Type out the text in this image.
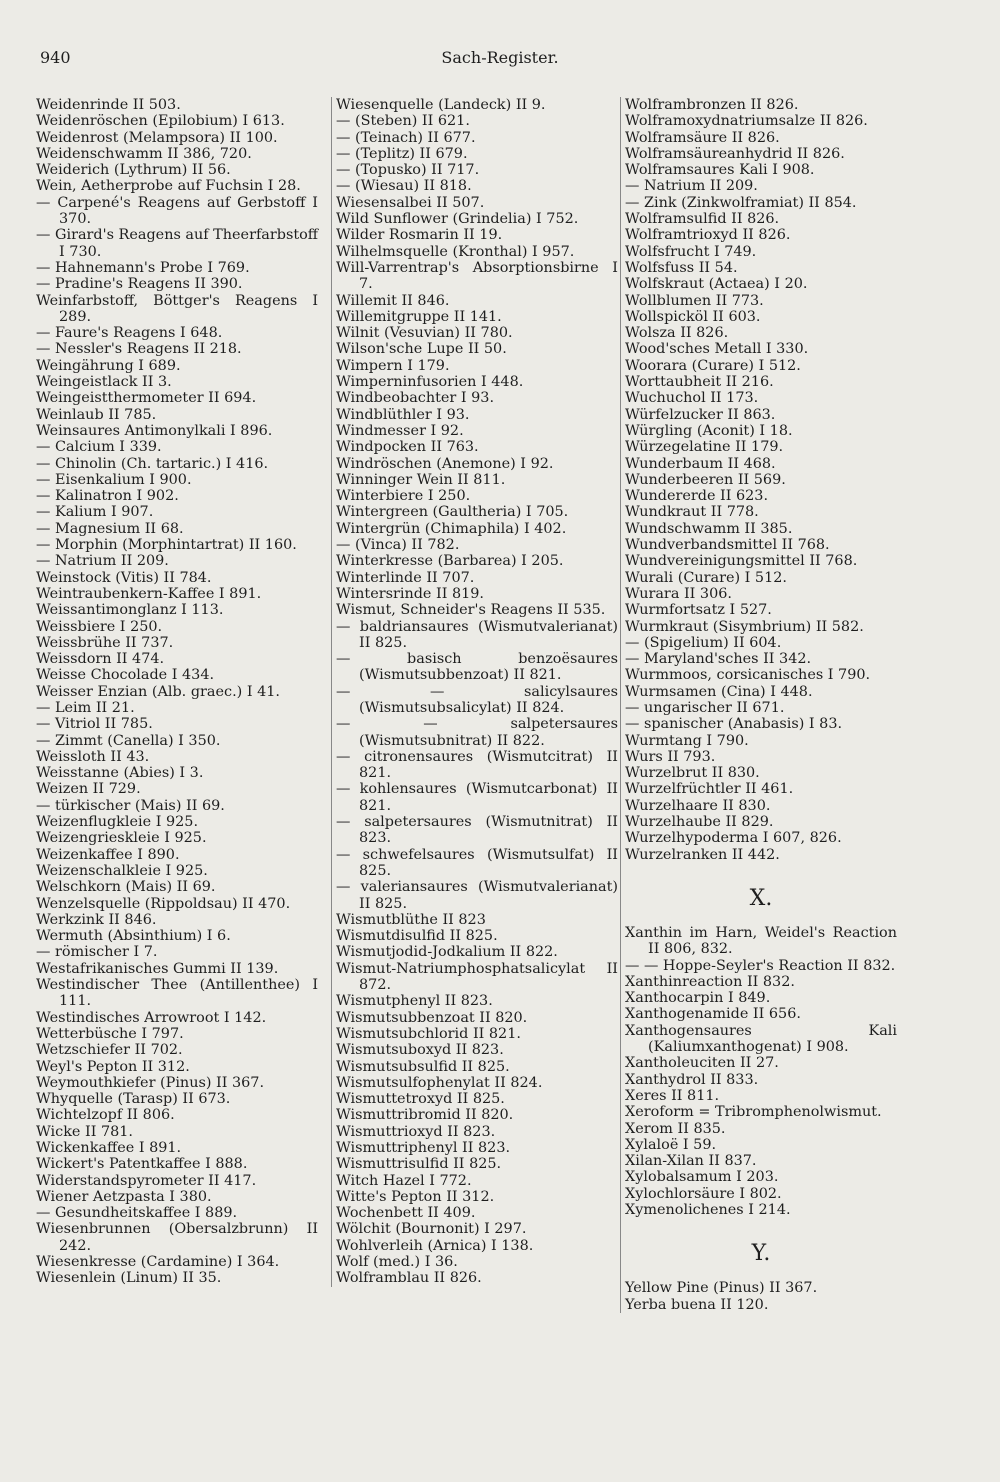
940	Sach-Register.
Weidenrinde II 503.
Weidenröschen (Epilobium) I 613.
Weidenrost (Melampsora) II 100.
Weidenschwamm II 386, 720.
Weiderich (Lythrum) II 56.
Wein, Aetherprobe auf Fuchsin I 28.
— Carpené's Reagens auf Gerbstoff I 370.
— Girard's Reagens auf Theerfarbstoff I 730.
— Hahnemann's Probe I 769.
— Pradine's Reagens II 390.
Weinfarbstoff, Böttger's Reagens I 289.
— Faure's Reagens I 648.
— Nessler's Reagens II 218.
Weingährung I 689.
Weingeistlack II 3.
Weingeistthermometer II 694.
Weinlaub II 785.
Weinsaures Antimonylkali I 896.
— Calcium I 339.
— Chinolin (Ch. tartaric.) I 416.
— Eisenkalium I 900.
— Kalinatron I 902.
— Kalium I 907.
— Magnesium II 68.
— Morphin (Morphintartrat) II 160.
— Natrium II 209.
Weinstock (Vitis) II 784.
Weintraubenkern-Kaffee I 891.
Weissantimonglanz I 113.
Weissbiere I 250.
Weissbrühe II 737.
Weissdorn II 474.
Weisse Chocolade I 434.
Weisser Enzian (Alb. graec.) I 41.
— Leim II 21.
— Vitriol II 785.
— Zimmt (Canella) I 350.
Weissloth II 43.
Weisstanne (Abies) I 3.
Weizen II 729.
— türkischer (Mais) II 69.
Weizenflugkleie I 925.
Weizengrieskleie I 925.
Weizenkaffee I 890.
Weizenschalkleie I 925.
Welschkorn (Mais) II 69.
Wenzelsquelle (Rippoldsau) II 470.
Werkzink II 846.
Wermuth (Absinthium) I 6.
— römischer I 7.
Westafrikanisches Gummi II 139.
Westindischer Thee (Antillenthee) I 111.
Westindisches Arrowroot I 142.
Wetterbüsche I 797.
Wetzschiefer II 702.
Weyl's Pepton II 312.
Weymouthkiefer (Pinus) II 367.
Whyquelle (Tarasp) II 673.
Wichtelzopf II 806.
Wicke II 781.
Wickenkaffee I 891.
Wickert's Patentkaffee I 888.
Widerstandspyrometer II 417.
Wiener Aetzpasta I 380.
— Gesundheitskaffee I 889.
Wiesenbrunnen (Obersalzbrunn) II 242.
Wiesenkresse (Cardamine) I 364.
Wiesenlein (Linum) II 35.
Wiesenquelle (Landeck) II 9.
— (Steben) II 621.
— (Teinach) II 677.
— (Teplitz) II 679.
— (Topusko) II 717.
— (Wiesau) II 818.
Wiesensalbei II 507.
Wild Sunflower (Grindelia) I 752.
Wilder Rosmarin II 19.
Wilhelmsquelle (Kronthal) I 957.
Will-Varrentrap's Absorptionsbirne I 7.
Willemit II 846.
Willemitgruppe II 141.
Wilnit (Vesuvian) II 780.
Wilson'sche Lupe II 50.
Wimpern I 179.
Wimperninfusorien I 448.
Windbeobachter I 93.
Windblüthler I 93.
Windmesser I 92.
Windpocken II 763.
Windröschen (Anemone) I 92.
Winninger Wein II 811.
Winterbiere I 250.
Wintergreen (Gaultheria) I 705.
Wintergrün (Chimaphila) I 402.
— (Vinca) II 782.
Winterkresse (Barbarea) I 205.
Winterlinde II 707.
Wintersrinde II 819.
Wismut, Schneider's Reagens II 535.
— baldriansaures (Wismutvalerianat) II 825.
— basisch benzoësaures (Wismutsubbenzoat) II 821.
— — salicylsaures (Wismutsubsalicylat) II 824.
— — salpetersaures (Wismutsubnitrat) II 822.
— citronensaures (Wismutcitrat) II 821.
— kohlensaures (Wismutcarbonat) II 821.
— salpetersaures (Wismutnitrat) II 823.
— schwefelsaures (Wismutsulfat) II 825.
— valeriansaures (Wismutvalerianat) II 825.
Wismutblüthe II 823
Wismutdisulfid II 825.
Wismutjodid-Jodkalium II 822.
Wismut-Natriumphosphatsalicylat II 872.
Wismutphenyl II 823.
Wismutsubbenzoat II 820.
Wismutsubchlorid II 821.
Wismutsuboxyd II 823.
Wismutsubsulfid II 825.
Wismutsulfophenylat II 824.
Wismuttetroxyd II 825.
Wismuttribromid II 820.
Wismuttrioxyd II 823.
Wismuttriphenyl II 823.
Wismuttrisulfid II 825.
Witch Hazel I 772.
Witte's Pepton II 312.
Wochenbett II 409.
Wölchit (Bournonit) I 297.
Wohlverleih (Arnica) I 138.
Wolf (med.) I 36.
Wolframblau II 826.
Wolframbronzen II 826.
Wolframoxydnatriumsalze II 826.
Wolframsäure II 826.
Wolframsäureanhydrid II 826.
Wolframsaures Kali I 908.
— Natrium II 209.
— Zink (Zinkwolframiat) II 854.
Wolframsulfid II 826.
Wolframtrioxyd II 826.
Wolfsfrucht I 749.
Wolfsfuss II 54.
Wolfskraut (Actaea) I 20.
Wollblumen II 773.
Wollspicköl II 603.
Wolsza II 826.
Wood'sches Metall I 330.
Woorara (Curare) I 512.
Worttaubheit II 216.
Wuchuchol II 173.
Würfelzucker II 863.
Würgling (Aconit) I 18.
Würzegelatine II 179.
Wunderbaum II 468.
Wunderbeeren II 569.
Wundererde II 623.
Wundkraut II 778.
Wundschwamm II 385.
Wundverbandsmittel II 768.
Wundvereinigungsmittel II 768.
Wurali (Curare) I 512.
Wurara II 306.
Wurmfortsatz I 527.
Wurmkraut (Sisymbrium) II 582.
— (Spigelium) II 604.
— Maryland'sches II 342.
Wurmmoos, corsicanisches I 790.
Wurmsamen (Cina) I 448.
— ungarischer II 671.
— spanischer (Anabasis) I 83.
Wurmtang I 790.
Wurs II 793.
Wurzelbrut II 830.
Wurzelfrüchtler II 461.
Wurzelhaare II 830.
Wurzelhaube II 829.
Wurzelhypoderma I 607, 826.
Wurzelranken II 442.
X.
Xanthin im Harn, Weidel's Reaction II 806, 832.
— — Hoppe-Seyler's Reaction II 832.
Xanthinreaction II 832.
Xanthocarpin I 849.
Xanthogenamide II 656.
Xanthogensaures Kali (Kaliumxanthogenat) I 908.
Xantholeuciten II 27.
Xanthydrol II 833.
Xeres II 811.
Xeroform = Tribromphenolwismut.
Xerom II 835.
Xylaloë I 59.
Xilan-Xilan II 837.
Xylobalsamum I 203.
Xylochlorsäure I 802.
Xymenolichenes I 214.
Y.
Yellow Pine (Pinus) II 367.
Yerba buena II 120.
